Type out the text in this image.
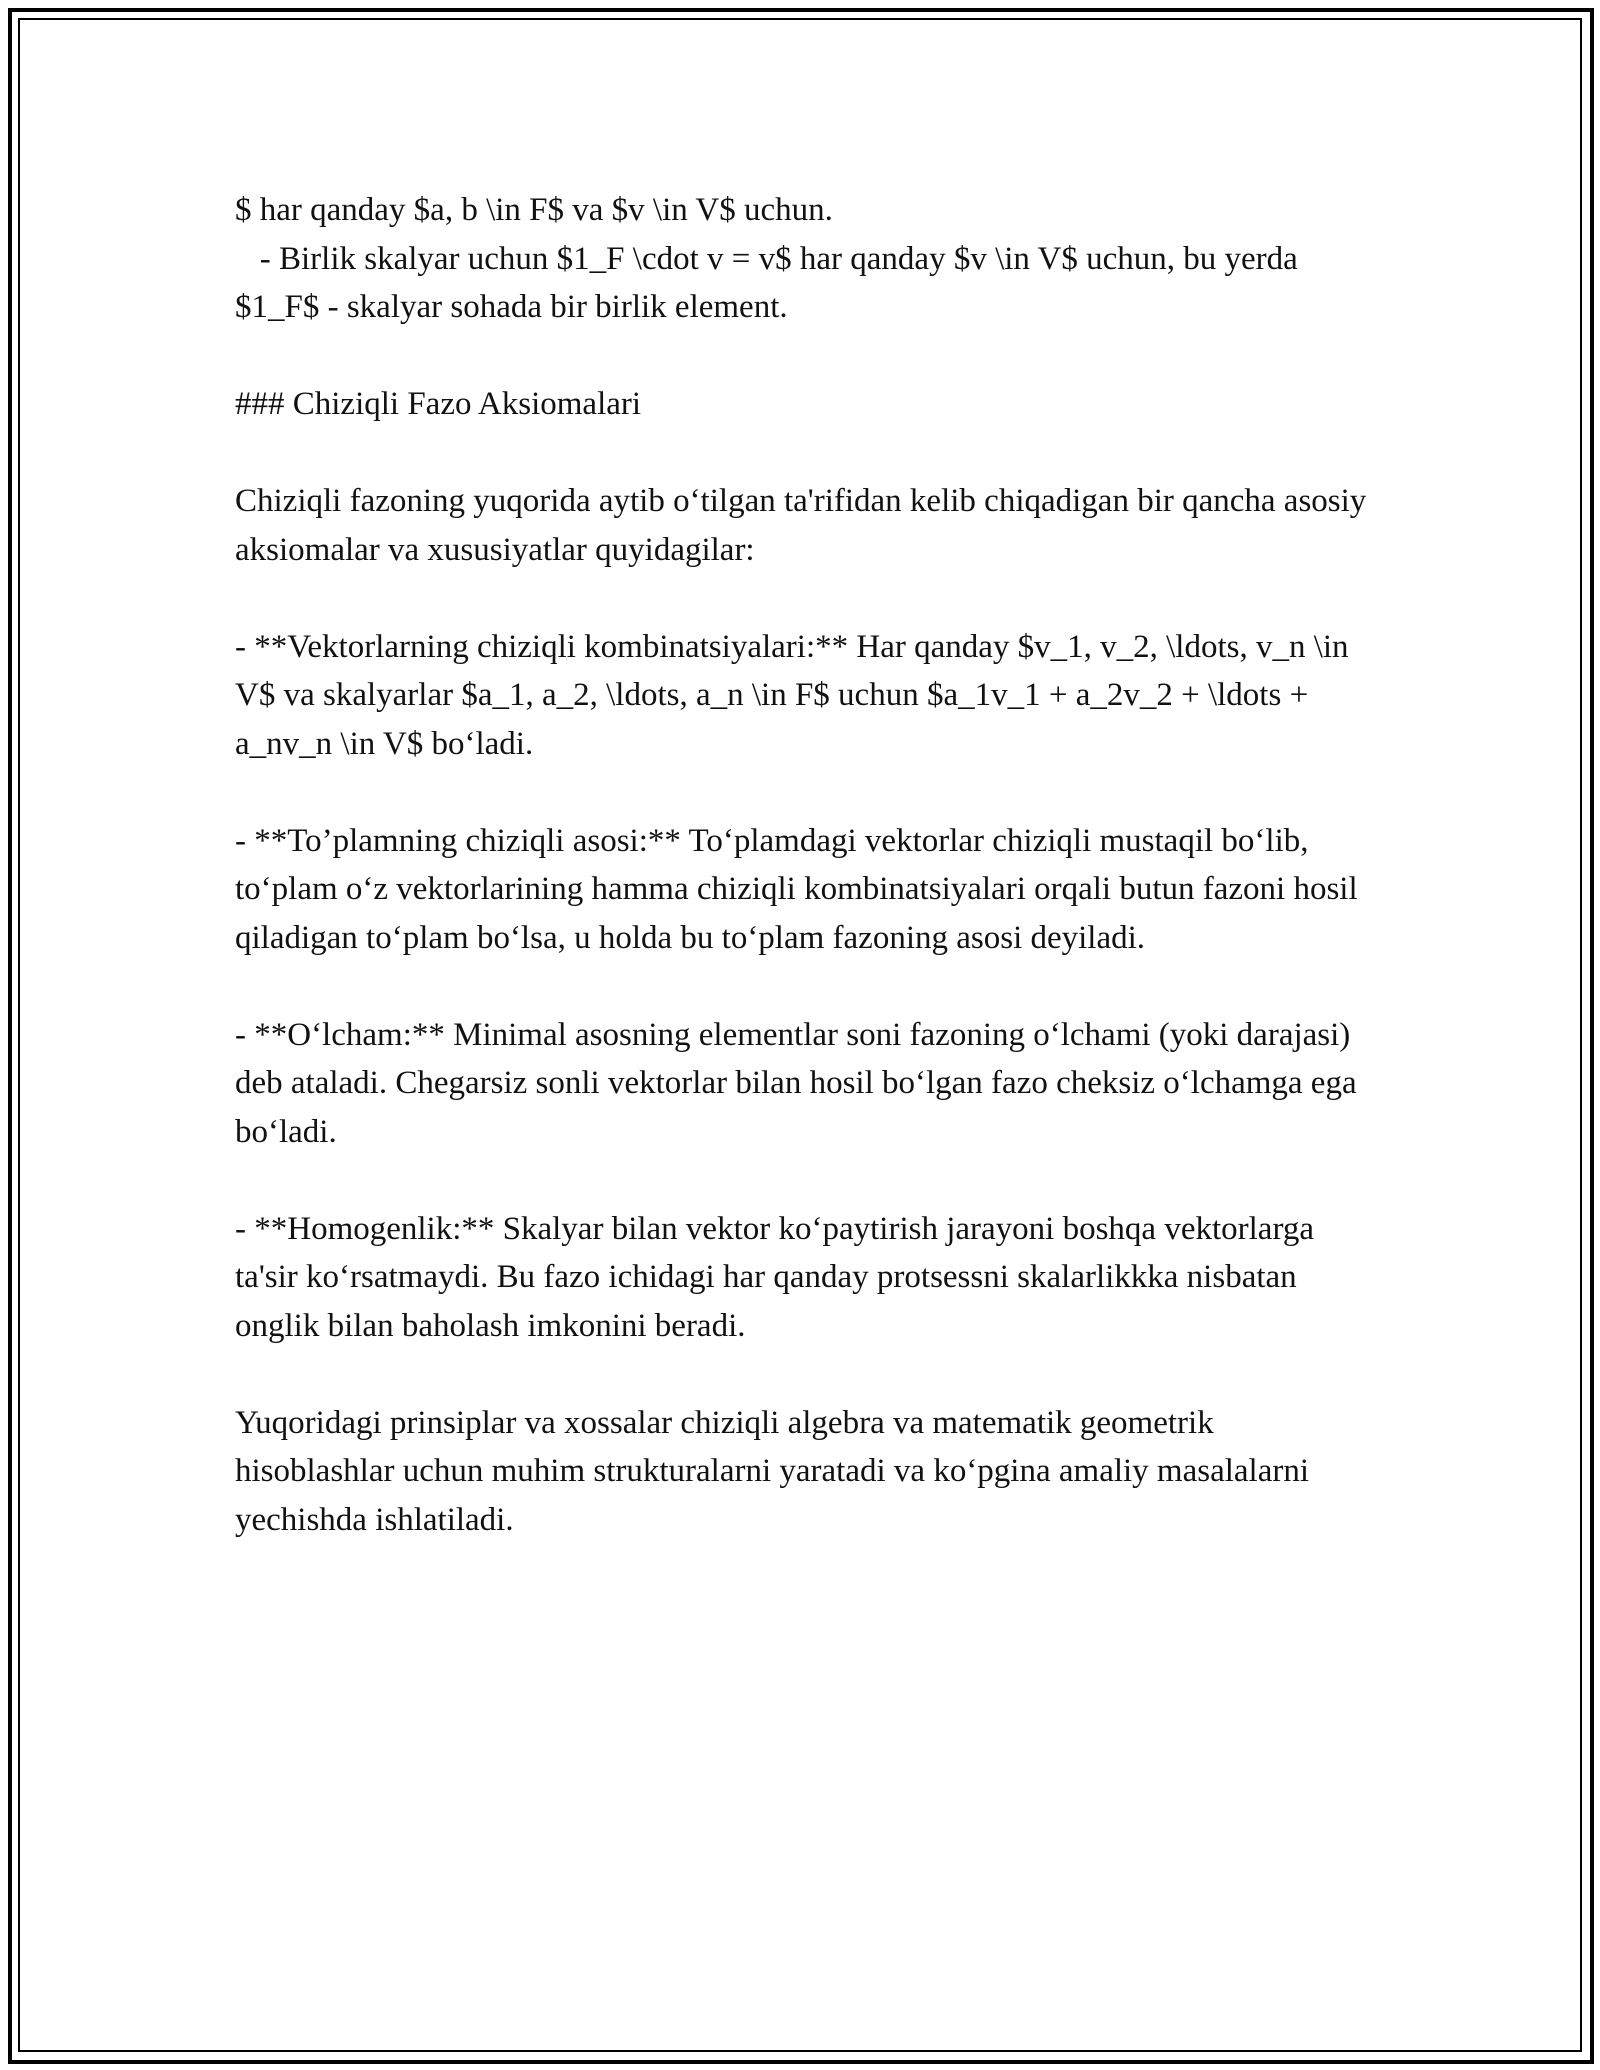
$ har qanday $a, b \in F$ va $v \in V$ uchun.
- Birlik skalyar uchun $1_F \cdot v = v$ har qanday $v \in V$ uchun, bu yerda $1_F$ - skalyar sohada bir birlik element.

### Chiziqli Fazo Aksiomalari

Chiziqli fazoning yuqorida aytib o‘tilgan ta'rifidan kelib chiqadigan bir qancha asosiy aksiomalar va xususiyatlar quyidagilar:

- **Vektorlarning chiziqli kombinatsiyalari:** Har qanday $v_1, v_2, \ldots, v_n \in V$ va skalyarlar $a_1, a_2, \ldots, a_n \in F$ uchun $a_1v_1 + a_2v_2 + \ldots + a_nv_n \in V$ bo‘ladi.

- **To’plamning chiziqli asosi:** To‘plamdagi vektorlar chiziqli mustaqil bo‘lib, to‘plam o‘z vektorlarining hamma chiziqli kombinatsiyalari orqali butun fazoni hosil qiladigan to‘plam bo‘lsa, u holda bu to‘plam fazoning asosi deyiladi.

- **O‘lcham:** Minimal asosning elementlar soni fazoning o‘lchami (yoki darajasi) deb ataladi. Chegarsiz sonli vektorlar bilan hosil bo‘lgan fazo cheksiz o‘lchamga ega bo‘ladi.

- **Homogenlik:** Skalyar bilan vektor ko‘paytirish jarayoni boshqa vektorlarga ta'sir ko‘rsatmaydi. Bu fazo ichidagi har qanday protsessni skalarlikkka nisbatan onglik bilan baholash imkonini beradi.

Yuqoridagi prinsiplar va xossalar chiziqli algebra va matematik geometrik hisoblashlar uchun muhim strukturalarni yaratadi va ko‘pgina amaliy masalalarni yechishda ishlatiladi.
